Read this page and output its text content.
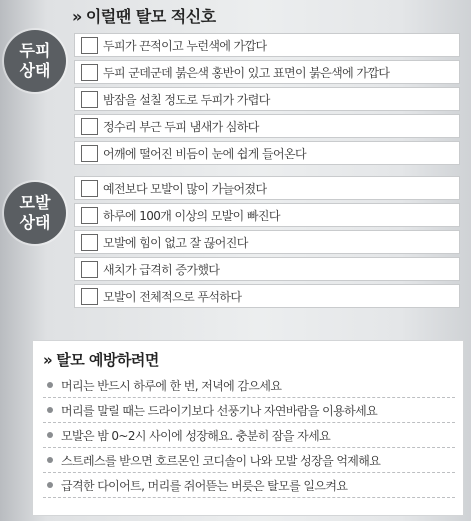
» 이럴땐 탈모 적신호
두피
상태
두피가 끈적이고 누런색에 가깝다
두피 군데군데 붉은색 홍반이 있고 표면이 붉은색에 가깝다
밤잠을 설칠 정도로 두피가 가렵다
정수리 부근 두피 냄새가 심하다
어깨에 떨어진 비듬이 눈에 쉽게 들어온다
모발
상태
예전보다 모발이 많이 가늘어졌다
하루에 100개 이상의 모발이 빠진다
모발에 힘이 없고 잘 끊어진다
새치가 급격히 증가했다
모발이 전체적으로 푸석하다
» 탈모 예방하려면
머리는 반드시 하루에 한 번, 저녁에 감으세요
머리를 말릴 때는 드라이기보다 선풍기나 자연바람을 이용하세요
모발은 밤 0~2시 사이에 성장해요. 충분히 잠을 자세요
스트레스를 받으면 호르몬인 코디솔이 나와 모발 성장을 억제해요
급격한 다이어트, 머리를 쥐어뜯는 버릇은 탈모를 일으켜요
